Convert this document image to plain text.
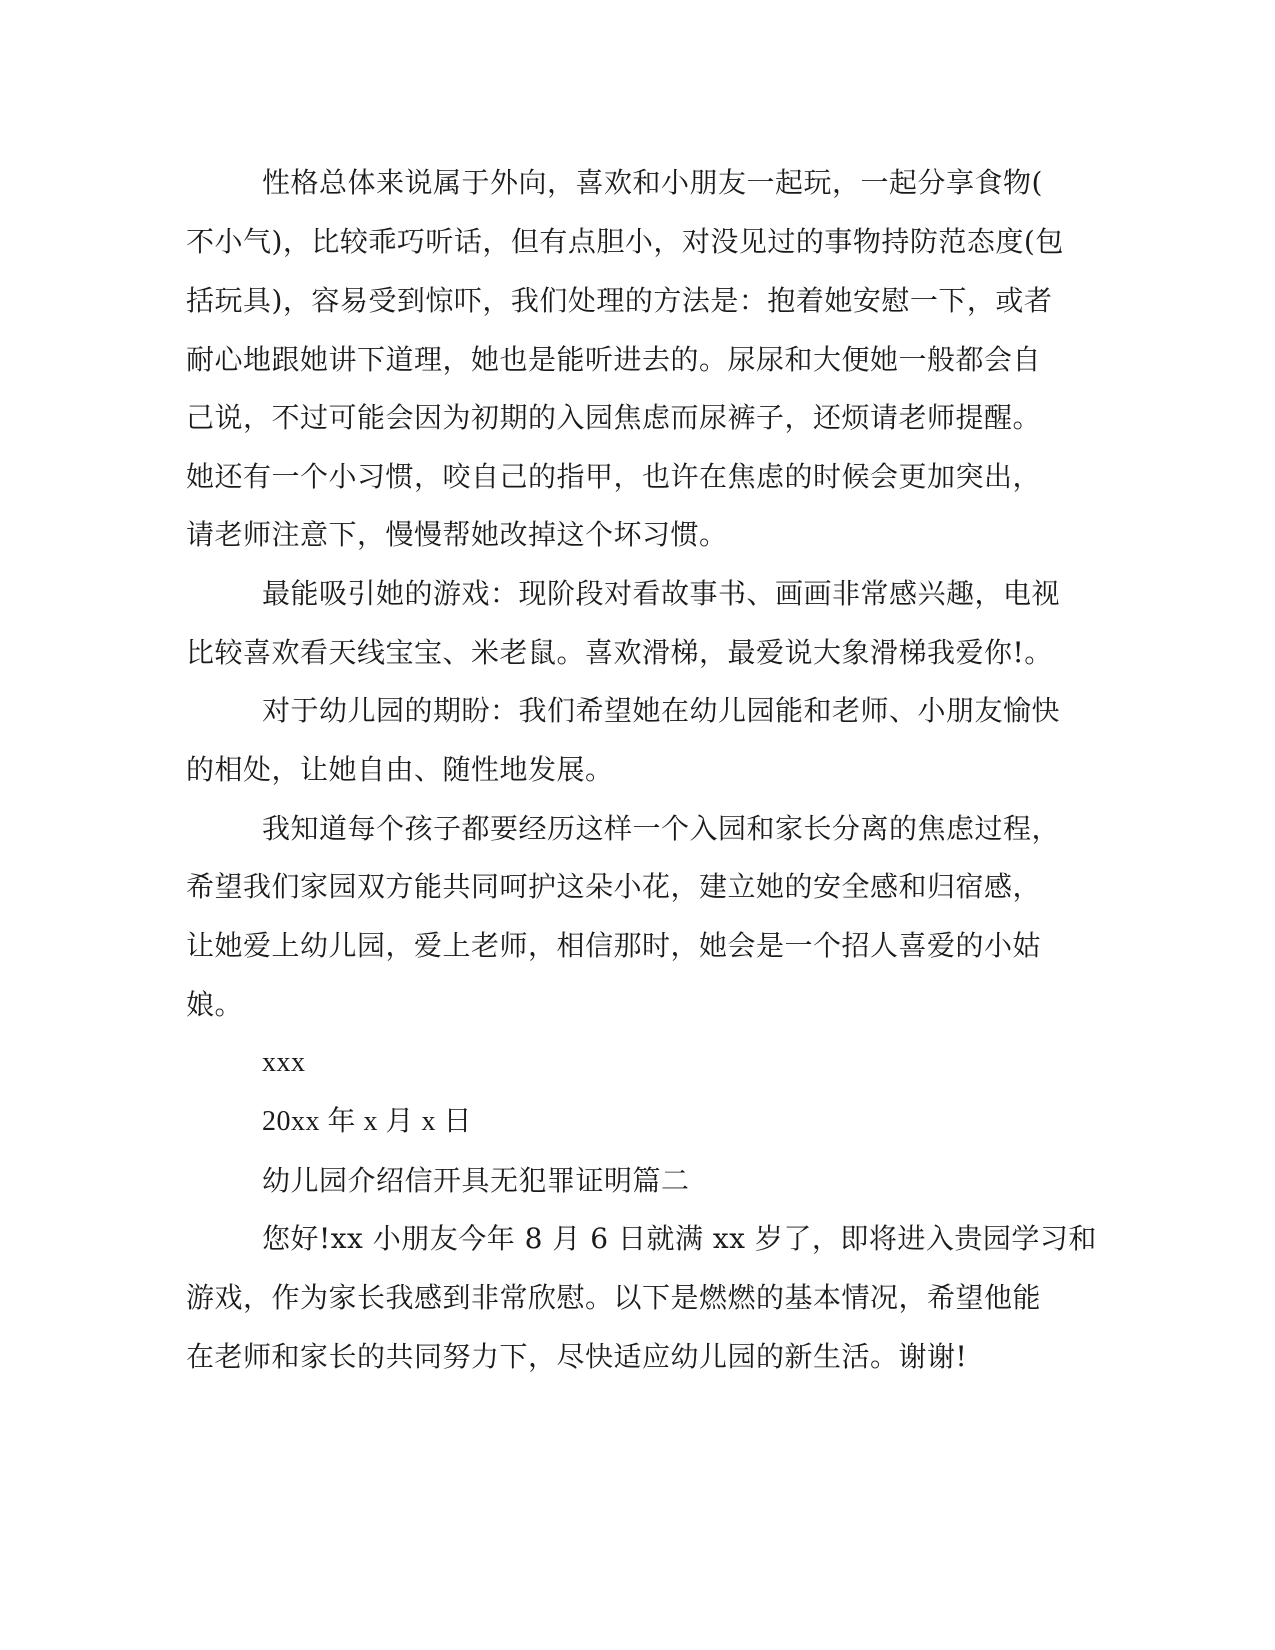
性格总体来说属于外向，喜欢和小朋友一起玩，一起分享食物(
不小气)，比较乖巧听话，但有点胆小，对没见过的事物持防范态度(包
括玩具)，容易受到惊吓，我们处理的方法是：抱着她安慰一下，或者
耐心地跟她讲下道理，她也是能听进去的。尿尿和大便她一般都会自
己说，不过可能会因为初期的入园焦虑而尿裤子，还烦请老师提醒。
她还有一个小习惯，咬自己的指甲，也许在焦虑的时候会更加突出，
请老师注意下，慢慢帮她改掉这个坏习惯。
最能吸引她的游戏：现阶段对看故事书、画画非常感兴趣，电视
比较喜欢看天线宝宝、米老鼠。喜欢滑梯，最爱说大象滑梯我爱你!。
对于幼儿园的期盼：我们希望她在幼儿园能和老师、小朋友愉快
的相处，让她自由、随性地发展。
我知道每个孩子都要经历这样一个入园和家长分离的焦虑过程，
希望我们家园双方能共同呵护这朵小花，建立她的安全感和归宿感，
让她爱上幼儿园，爱上老师，相信那时，她会是一个招人喜爱的小姑
娘。
xxx
20xx 年 x 月 x 日
幼儿园介绍信开具无犯罪证明篇二
您好!xx 小朋友今年 8 月 6 日就满 xx 岁了，即将进入贵园学习和
游戏，作为家长我感到非常欣慰。以下是燃燃的基本情况，希望他能
在老师和家长的共同努力下，尽快适应幼儿园的新生活。谢谢!
